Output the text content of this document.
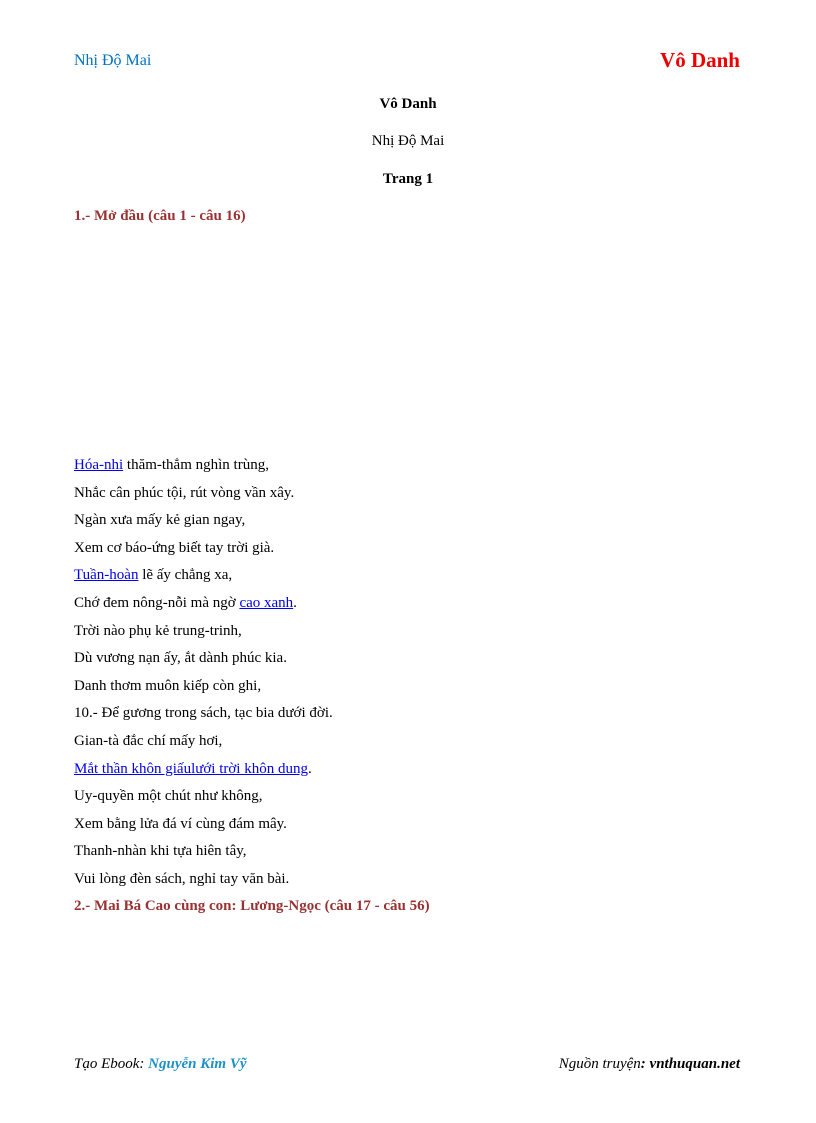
Nhị Độ Mai	Vô Danh
Vô Danh
Nhị Độ Mai
Trang 1
1.- Mở đầu (câu 1 - câu 16)
Hóa-nhi thăm-thẳm nghìn trùng,
Nhắc cân phúc tội, rút vòng vần xây.
Ngàn xưa mấy kẻ gian ngay,
Xem cơ báo-ứng biết tay trời già.
Tuần-hoàn lẽ ấy chẳng xa,
Chớ đem nông-nỗi mà ngờ cao xanh.
Trời nào phụ kẻ trung-trinh,
Dù vương nạn ấy, ắt dành phúc kia.
Danh thơm muôn kiếp còn ghi,
10.- Để gương trong sách, tạc bia dưới đời.
Gian-tà đắc chí mấy hơi,
Mắt thần khôn giấulưới trời khôn dung.
Uy-quyền một chút như không,
Xem bằng lửa đá ví cùng đám mây.
Thanh-nhàn khi tựa hiên tây,
Vui lòng đèn sách, nghỉ tay văn bài.
2.- Mai Bá Cao cùng con: Lương-Ngọc (câu 17 - câu 56)
Tạo Ebook: Nguyễn Kim Vỹ	Nguồn truyện: vnthuquan.net
